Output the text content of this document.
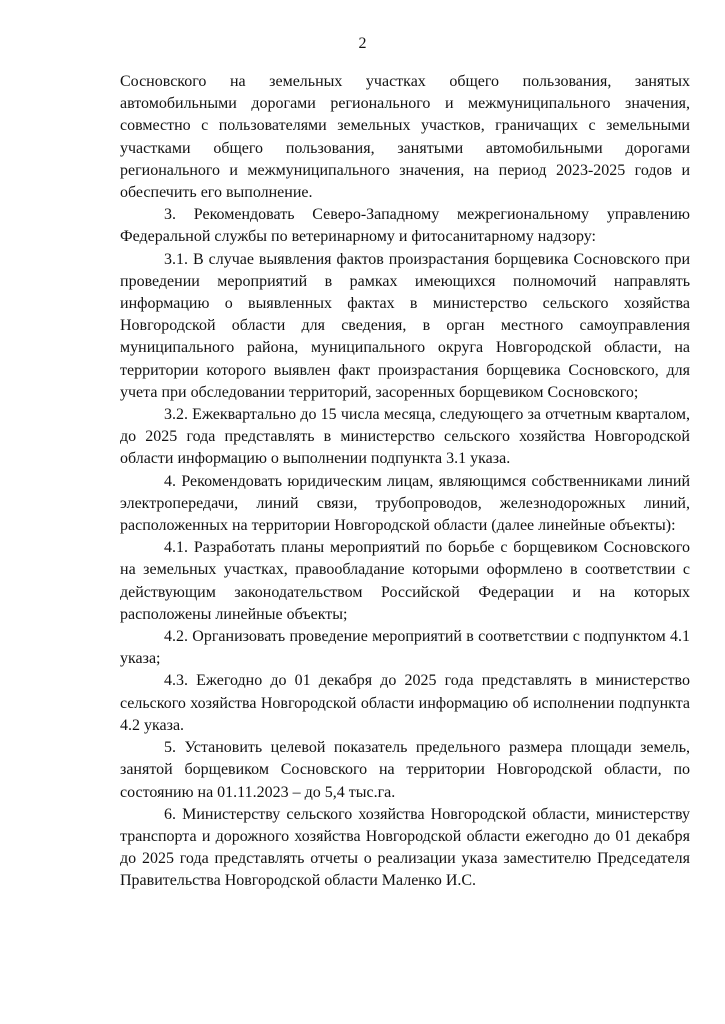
2

Сосновского на земельных участках общего пользования, занятых автомобильными дорогами регионального и межмуниципального значения, совместно с пользователями земельных участков, граничащих с земельными участками общего пользования, занятыми автомобильными дорогами регионального и межмуниципального значения, на период 2023-2025 годов и обеспечить его выполнение.

3. Рекомендовать Северо-Западному межрегиональному управлению Федеральной службы по ветеринарному и фитосанитарному надзору:

3.1. В случае выявления фактов произрастания борщевика Сосновского при проведении мероприятий в рамках имеющихся полномочий направлять информацию о выявленных фактах в министерство сельского хозяйства Новгородской области для сведения, в орган местного самоуправления муниципального района, муниципального округа Новгородской области, на территории которого выявлен факт произрастания борщевика Сосновского, для учета при обследовании территорий, засоренных борщевиком Сосновского;

3.2. Ежеквартально до 15 числа месяца, следующего за отчетным кварталом, до 2025 года представлять в министерство сельского хозяйства Новгородской области информацию о выполнении подпункта 3.1 указа.

4. Рекомендовать юридическим лицам, являющимся собственниками линий электропередачи, линий связи, трубопроводов, железнодорожных линий, расположенных на территории Новгородской области (далее линейные объекты):

4.1. Разработать планы мероприятий по борьбе с борщевиком Сосновского на земельных участках, правообладание которыми оформлено в соответствии с действующим законодательством Российской Федерации и на которых расположены линейные объекты;

4.2. Организовать проведение мероприятий в соответствии с подпунктом 4.1 указа;

4.3. Ежегодно до 01 декабря до 2025 года представлять в министерство сельского хозяйства Новгородской области информацию об исполнении подпункта 4.2 указа.

5. Установить целевой показатель предельного размера площади земель, занятой борщевиком Сосновского на территории Новгородской области, по состоянию на 01.11.2023 – до 5,4 тыс.га.

6. Министерству сельского хозяйства Новгородской области, министерству транспорта и дорожного хозяйства Новгородской области ежегодно до 01 декабря до 2025 года представлять отчеты о реализации указа заместителю Председателя Правительства Новгородской области Маленко И.С.
